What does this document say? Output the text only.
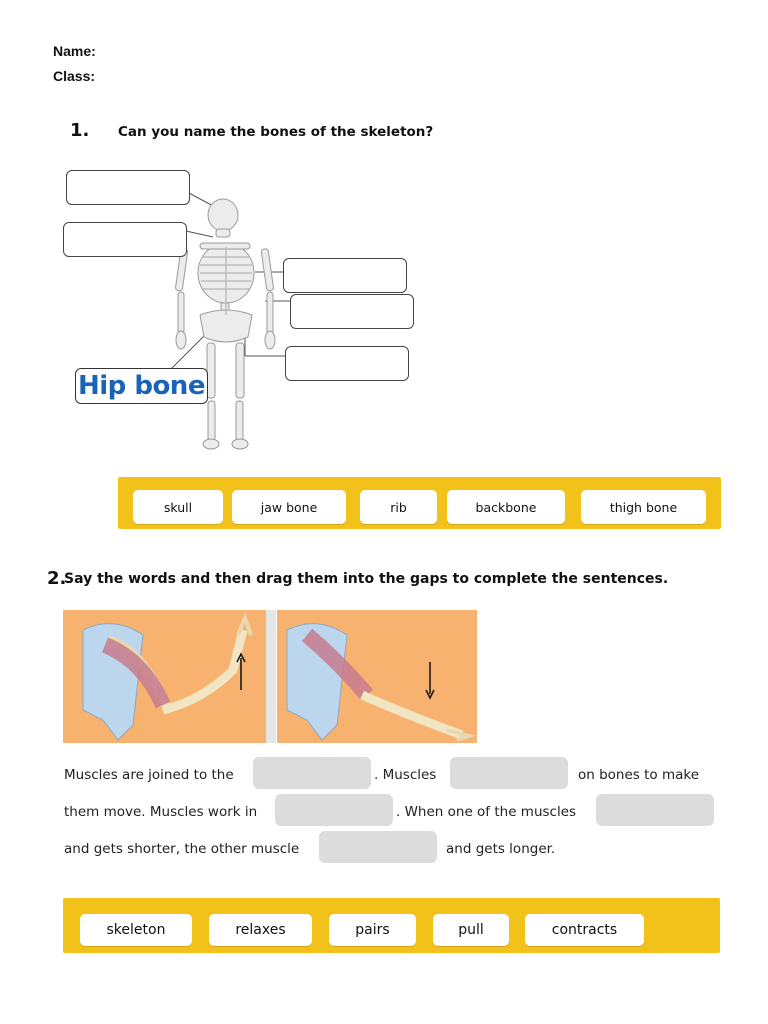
Name:
Class:
1. Can you name the bones of the skeleton?
Hip bone
skull	jaw bone	rib	backbone	thigh bone
2.
Say the words and then drag them into the gaps to complete the sentences.
Muscles are joined to the	. Muscles	on bones to make
them move. Muscles work in	. When one of the muscles
and gets shorter, the other muscle	and gets longer.
skeleton	relaxes	pairs	pull	contracts
